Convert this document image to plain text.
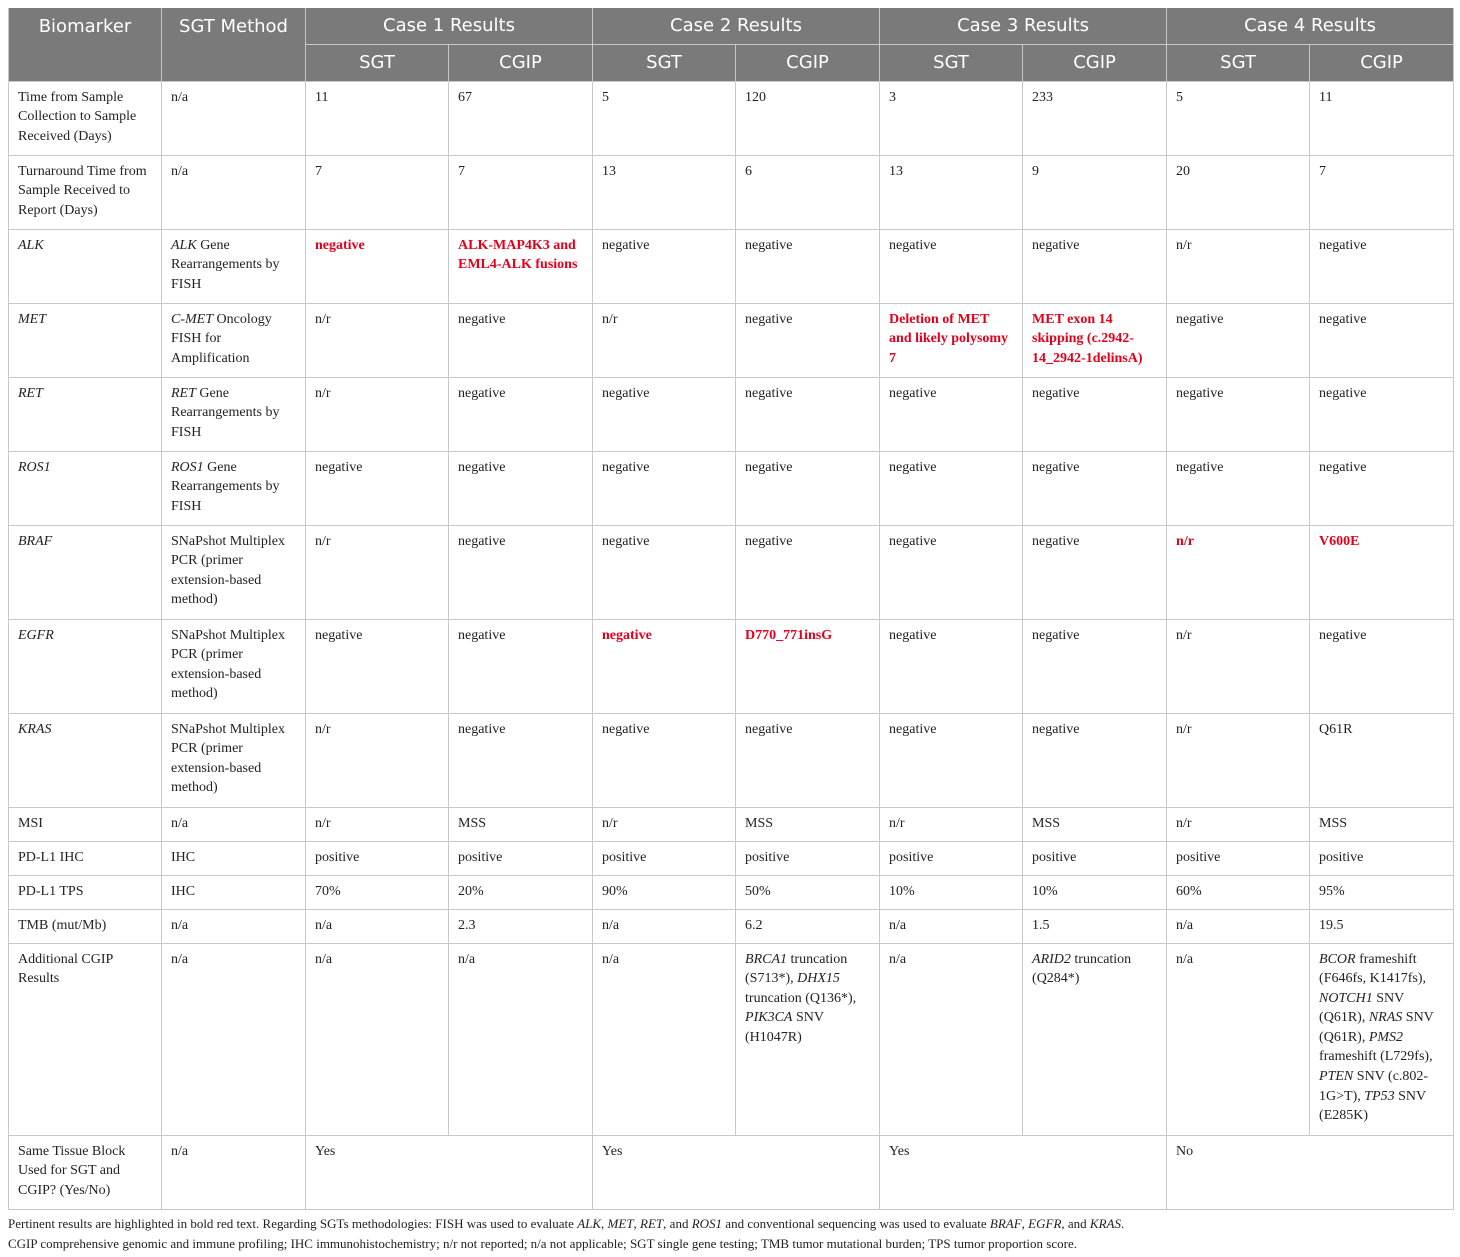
Biomarker	SGT Method	Case 1 Results		Case 2 Results		Case 3 Results		Case 4 Results	
		SGT	CGIP	SGT	CGIP	SGT	CGIP	SGT	CGIP
Time from Sample Collection to Sample Received (Days)	n/a	11	67	5	120	3	233	5	11
Turnaround Time from Sample Received to Report (Days)	n/a	7	7	13	6	13	9	20	7
ALK	ALK Gene Rearrangements by FISH	negative	ALK-MAP4K3 and EML4-ALK fusions	negative	negative	negative	negative	n/r	negative
MET	C-MET Oncology FISH for Amplification	n/r	negative	n/r	negative	Deletion of MET and likely polysomy 7	MET exon 14 skipping (c.2942-14_2942-1delinsA)	negative	negative
RET	RET Gene Rearrangements by FISH	n/r	negative	negative	negative	negative	negative	negative	negative
ROS1	ROS1 Gene Rearrangements by FISH	negative	negative	negative	negative	negative	negative	negative	negative
BRAF	SNaPshot Multiplex PCR (primer extension-based method)	n/r	negative	negative	negative	negative	negative	n/r	V600E
EGFR	SNaPshot Multiplex PCR (primer extension-based method)	negative	negative	negative	D770_771insG	negative	negative	n/r	negative
KRAS	SNaPshot Multiplex PCR (primer extension-based method)	n/r	negative	negative	negative	negative	negative	n/r	Q61R
MSI	n/a	n/r	MSS	n/r	MSS	n/r	MSS	n/r	MSS
PD-L1 IHC	IHC	positive	positive	positive	positive	positive	positive	positive	positive
PD-L1 TPS	IHC	70%	20%	90%	50%	10%	10%	60%	95%
TMB (mut/Mb)	n/a	n/a	2.3	n/a	6.2	n/a	1.5	n/a	19.5
Additional CGIP Results	n/a	n/a	n/a	n/a	BRCA1 truncation (S713*), DHX15 truncation (Q136*), PIK3CA SNV (H1047R)	n/a	ARID2 truncation (Q284*)	n/a	BCOR frameshift (F646fs, K1417fs), NOTCH1 SNV (Q61R), NRAS SNV (Q61R), PMS2 frameshift (L729fs), PTEN SNV (c.802-1G>T), TP53 SNV (E285K)
Same Tissue Block Used for SGT and CGIP? (Yes/No)	n/a	Yes		Yes		Yes		No	

Pertinent results are highlighted in bold red text. Regarding SGTs methodologies: FISH was used to evaluate ALK, MET, RET, and ROS1 and conventional sequencing was used to evaluate BRAF, EGFR, and KRAS.

CGIP comprehensive genomic and immune profiling; IHC immunohistochemistry; n/r not reported; n/a not applicable; SGT single gene testing; TMB tumor mutational burden; TPS tumor proportion score.
